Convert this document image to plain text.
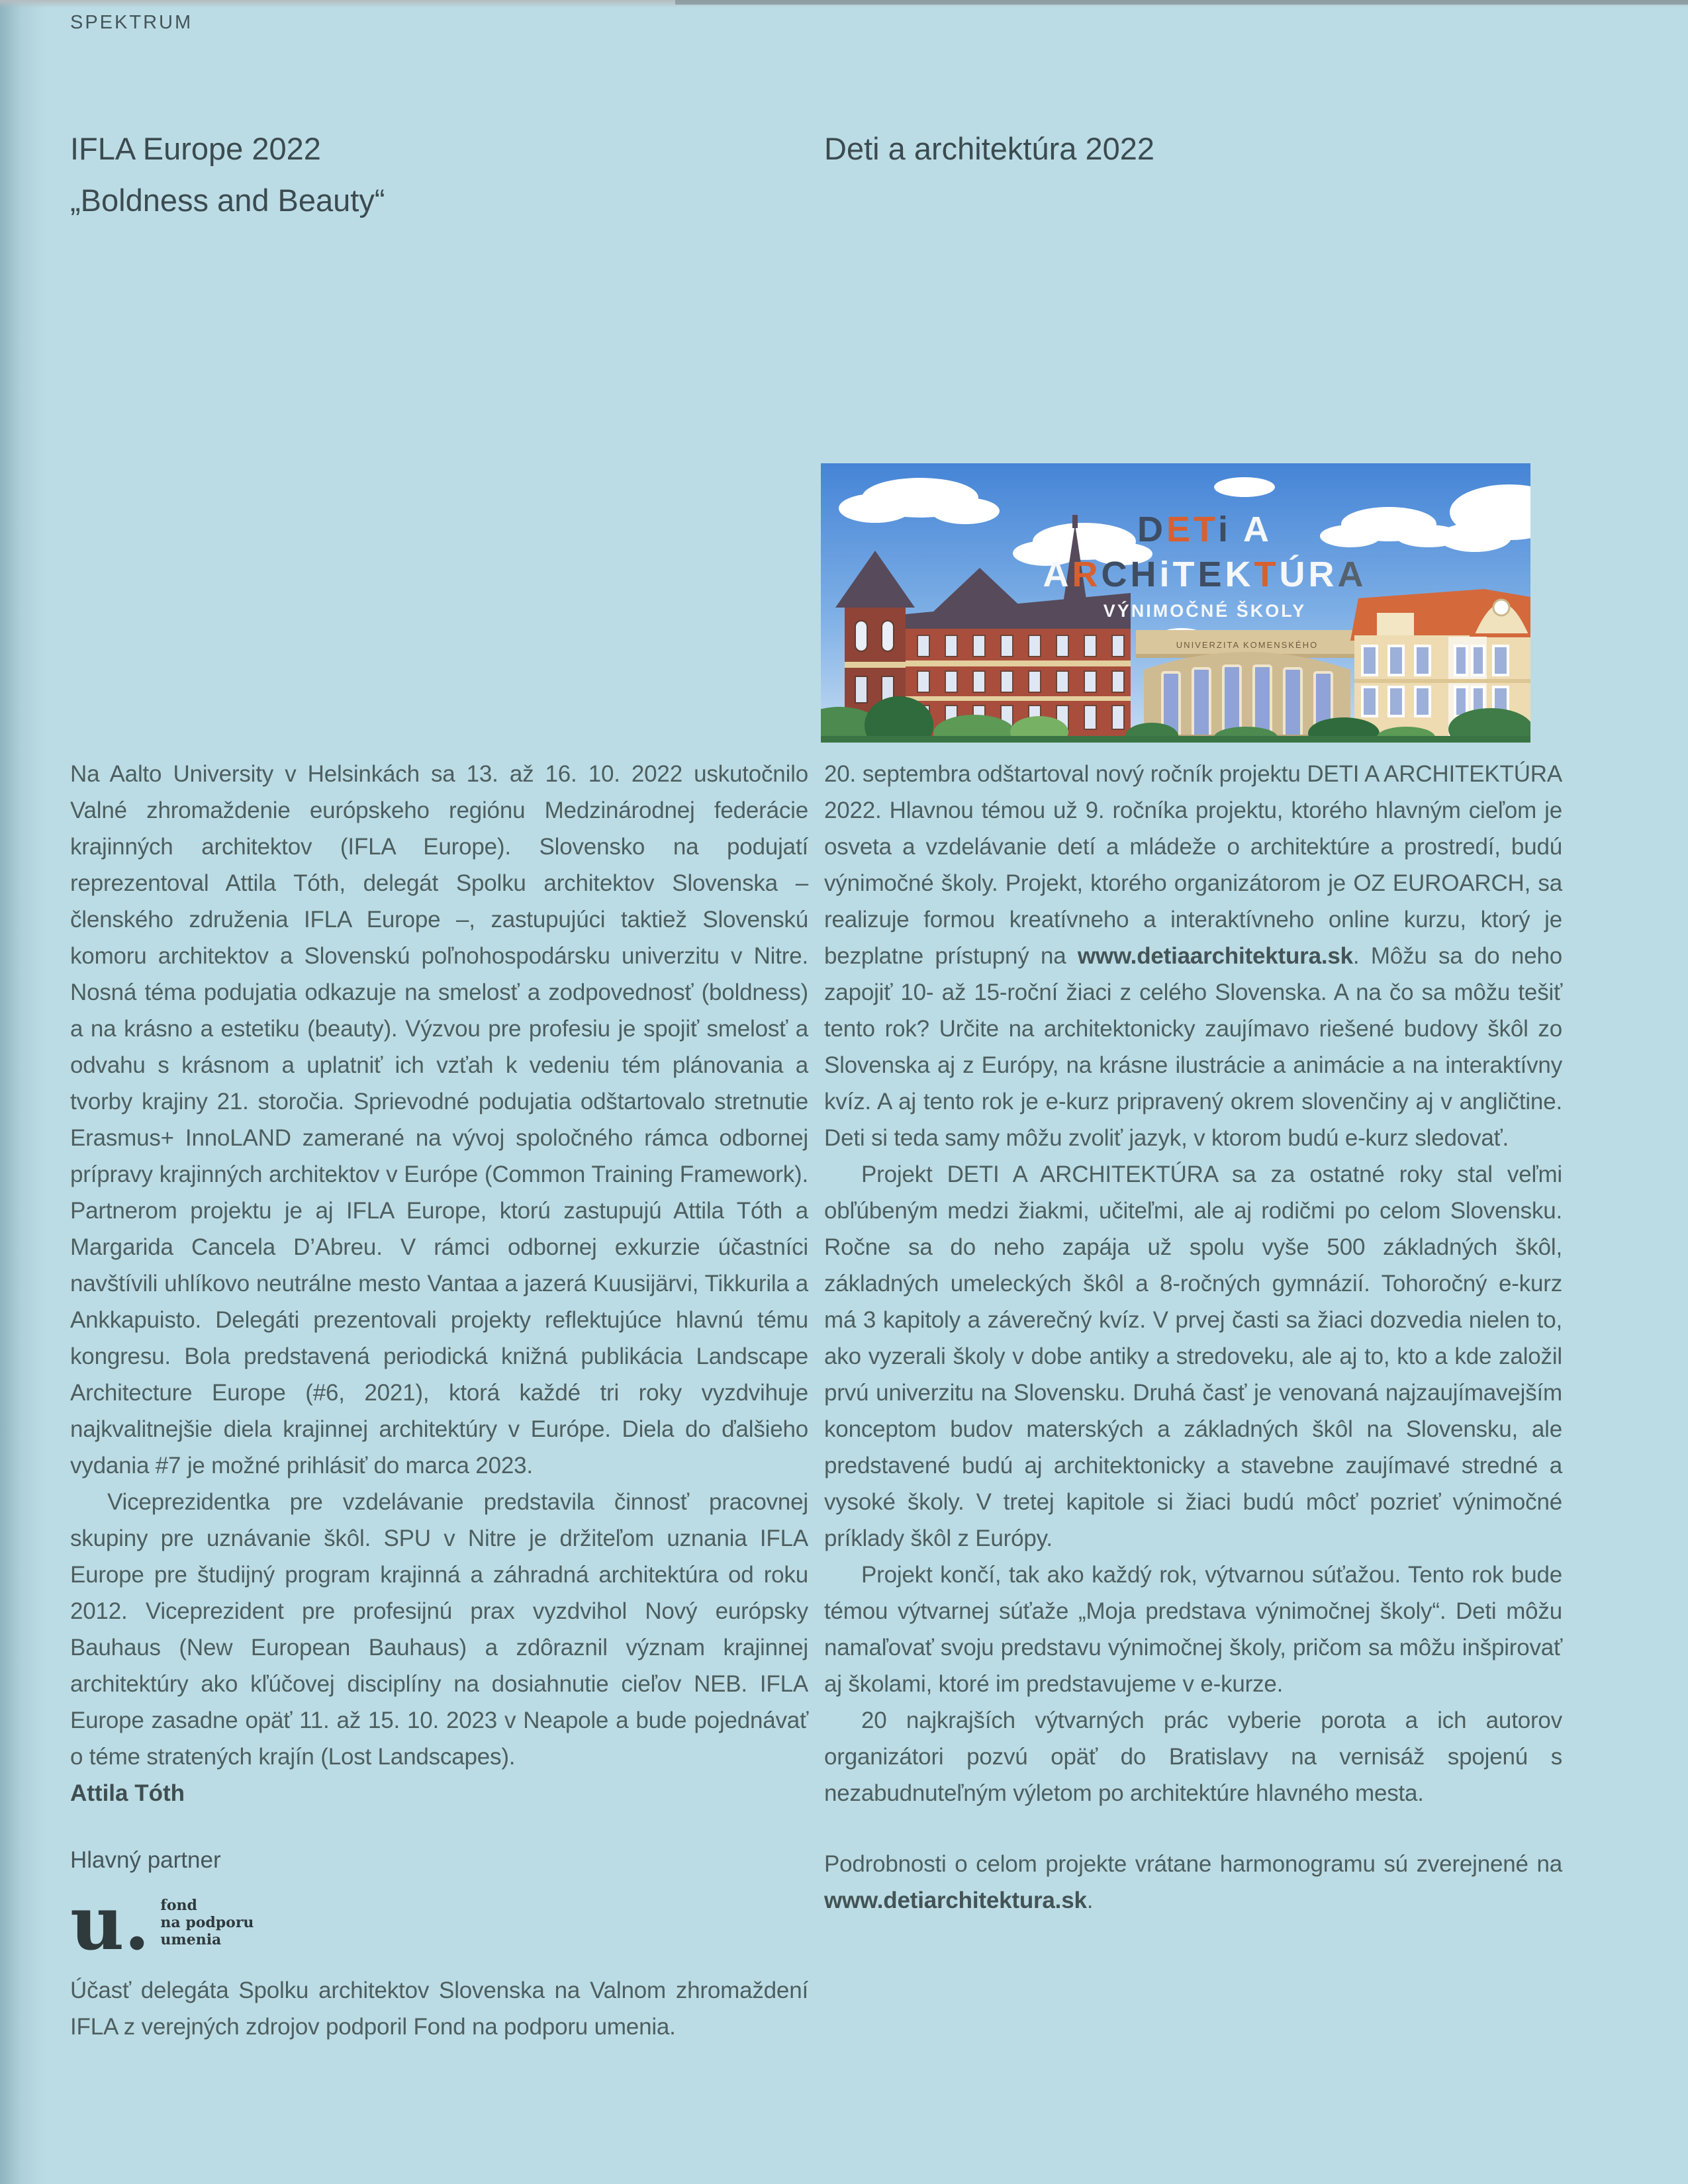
SPEKTRUM
IFLA Europe 2022
„Boldness and Beauty“
Deti a architektúra 2022
UNIVERZITA KOMENSKÉHO
DETi A
ARCHiTEKTÚRA
VÝNIMOČNÉ ŠKOLY
Na Aalto University v Helsinkách sa 13. až 16. 10. 2022 uskutočnilo Valné zhromaždenie európskeho regiónu Medzinárodnej federácie krajinných architektov (IFLA Europe). Slovensko na podujatí reprezentoval Attila Tóth, delegát Spolku architektov Slovenska – členského združenia IFLA Europe –, zastupujúci taktiež Slovenskú komoru architektov a Slovenskú poľnohospodársku univerzitu v Nitre. Nosná téma podujatia odkazuje na smelosť a zodpovednosť (boldness) a na krásno a estetiku (beauty). Výzvou pre profesiu je spojiť smelosť a odvahu s krásnom a uplatniť ich vzťah k vedeniu tém plánovania a tvorby krajiny 21. storočia. Sprievodné podujatia odštartovalo stretnutie Erasmus+ InnoLAND zamerané na vývoj spoločného rámca odbornej prípravy krajinných architektov v Európe (Common Training Framework). Partnerom projektu je aj IFLA Europe, ktorú zastupujú Attila Tóth a Margarida Cancela D’Abreu. V rámci odbornej exkurzie účastníci navštívili uhlíkovo neutrálne mesto Vantaa a jazerá Kuusijärvi, Tikkurila a Ankkapuisto. Delegáti prezentovali projekty reflektujúce hlavnú tému kongresu. Bola predstavená periodická knižná publikácia Landscape Architecture Europe (#6, 2021), ktorá každé tri roky vyzdvihuje najkvalitnejšie diela krajinnej architektúry v Európe. Diela do ďalšieho vydania #7 je možné prihlásiť do marca 2023.
Viceprezidentka pre vzdelávanie predstavila činnosť pracovnej skupiny pre uznávanie škôl. SPU v Nitre je držiteľom uznania IFLA Europe pre študijný program krajinná a záhradná architektúra od roku 2012. Viceprezident pre profesijnú prax vyzdvihol Nový európsky Bauhaus (New European Bauhaus) a zdôraznil význam krajinnej architektúry ako kľúčovej disciplíny na dosiahnutie cieľov NEB. IFLA Europe zasadne opäť 11. až 15. 10. 2023 v Neapole a bude pojednávať o téme stratených krajín (Lost Landscapes).
Attila Tóth
Hlavný partner
u. fond
na podporu
umenia
Účasť delegáta Spolku architektov Slovenska na Valnom zhromaždení IFLA z verejných zdrojov podporil Fond na podporu umenia.
20. septembra odštartoval nový ročník projektu DETI A ARCHITEKTÚRA 2022. Hlavnou témou už 9. ročníka projektu, ktorého hlavným cieľom je osveta a vzdelávanie detí a mládeže o architektúre a prostredí, budú výnimočné školy. Projekt, ktorého organizátorom je OZ EUROARCH, sa realizuje formou kreatívneho a interaktívneho online kurzu, ktorý je bezplatne prístupný na www.detiaarchitektura.sk. Môžu sa do neho zapojiť 10- až 15-roční žiaci z celého Slovenska. A na čo sa môžu tešiť tento rok? Určite na architektonicky zaujímavo riešené budovy škôl zo Slovenska aj z Európy, na krásne ilustrácie a animácie a na interaktívny kvíz. A aj tento rok je e-kurz pripravený okrem slovenčiny aj v angličtine. Deti si teda samy môžu zvoliť jazyk, v ktorom budú e-kurz sledovať.
Projekt DETI A ARCHITEKTÚRA sa za ostatné roky stal veľmi obľúbeným medzi žiakmi, učiteľmi, ale aj rodičmi po celom Slovensku. Ročne sa do neho zapája už spolu vyše 500 základných škôl, základných umeleckých škôl a 8-ročných gymnázií. Tohoročný e-kurz má 3 kapitoly a záverečný kvíz. V prvej časti sa žiaci dozvedia nielen to, ako vyzerali školy v dobe antiky a stredoveku, ale aj to, kto a kde založil prvú univerzitu na Slovensku. Druhá časť je venovaná najzaujímavejším konceptom budov materských a základných škôl na Slovensku, ale predstavené budú aj architektonicky a stavebne zaujímavé stredné a vysoké školy. V tretej kapitole si žiaci budú môcť pozrieť výnimočné príklady škôl z Európy.
Projekt končí, tak ako každý rok, výtvarnou súťažou. Tento rok bude témou výtvarnej súťaže „Moja predstava výnimočnej školy“. Deti môžu namaľovať svoju predstavu výnimočnej školy, pričom sa môžu inšpirovať aj školami, ktoré im predstavujeme v e-kurze.
20 najkrajších výtvarných prác vyberie porota a ich autorov organizátori pozvú opäť do Bratislavy na vernisáž spojenú s nezabudnuteľným výletom po architektúre hlavného mesta.
Podrobnosti o celom projekte vrátane harmonogramu sú zverejnené na www.detiarchitektura.sk.
